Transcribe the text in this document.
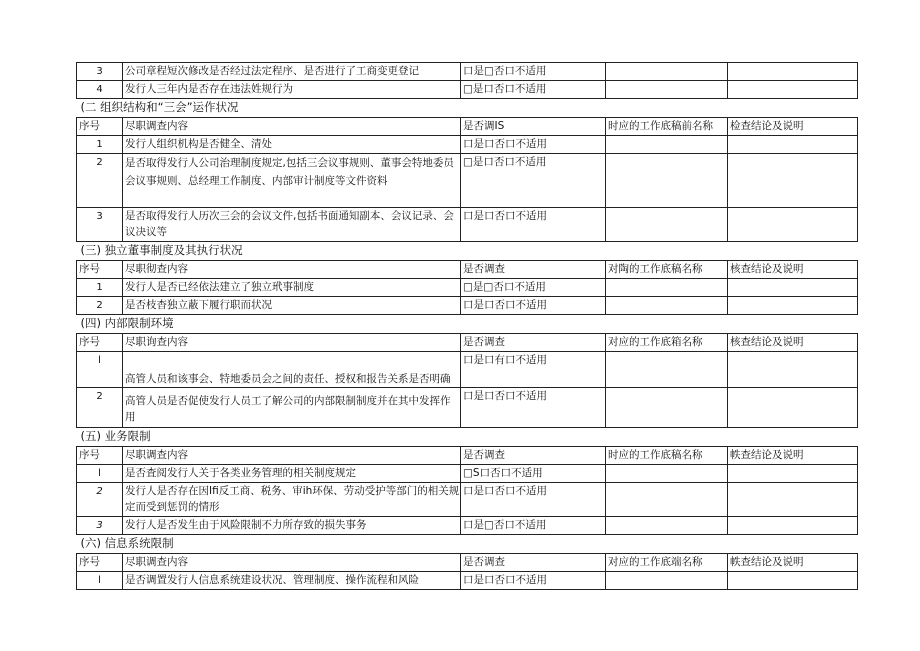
3	公司章程短次修改是否经过法定程序、是否进行了工商变更登记	口是□否口不适用		
4	发行人三年内是否存在违法姓规行为	□是口否口不适用		
(二 组织结构和“三会”运作状况				
序号	尽职调查内容	是否调IS	时应的工作底稿前名称	检查结论及说明
1	发行人组织机构是否健全、清处	口是口否口不适用		
2	是否取得发行人公司治理制度规定,包括三会议事规则、董事会特地委员会议事规则、总经理工作制度、内部审计制度等文件资料	□是口否口不适用		
3	是否取得发行人历次三会的会议文件,包括书面通知副本、会议记录、会议决议等	口是口否口不适用		
(三) 独立董事制度及其执行状况				
序号	尽职彻查内容	是否调查	对陶的工作底稿名称	核查结论及说明
1	发行人是否已经依法建立了独立玳事制度	□是□否口不适用		
2	是否枝杳独立蔽下履行职而状况	口是口否口不适用		
(四) 内部限制环境				
序号	尽职询查内容	是否调查	对应的工作底箱名称	核查结论及说明
l	高管人员和该事会、特地委员会之间的责任、授权和报告关系是否明确	口是口有口不适用		
2	高管人员是否促使发行人员工了解公司的内部限制制度并在其中发挥作用	口是口否口不适用		
(五) 业务限制				
序号	尽职调查内容	是否调查	时应的工作底稿名称	帙查结论及说明
l	是否査阅发行人关于各类业务管理的相关制度规定	□S口否口不适用		
2	发行人是否存在因Ifi反工商、税务、审ih环保、劳动受护等部门的相关规定而受到惩罚的情形	口是口否口不适用		
3	发行人是否发生由于风险限制不力所存致的损失事务	口是□否口不适用		
(六) 信息系统限制				
序号	尽职调查内容	是否调查	对应的工作底端名称	帙查结论及说明
l	是否调置发行人信息系统建设状况、管理制度、操作流程和风险	口是口否口不适用		
